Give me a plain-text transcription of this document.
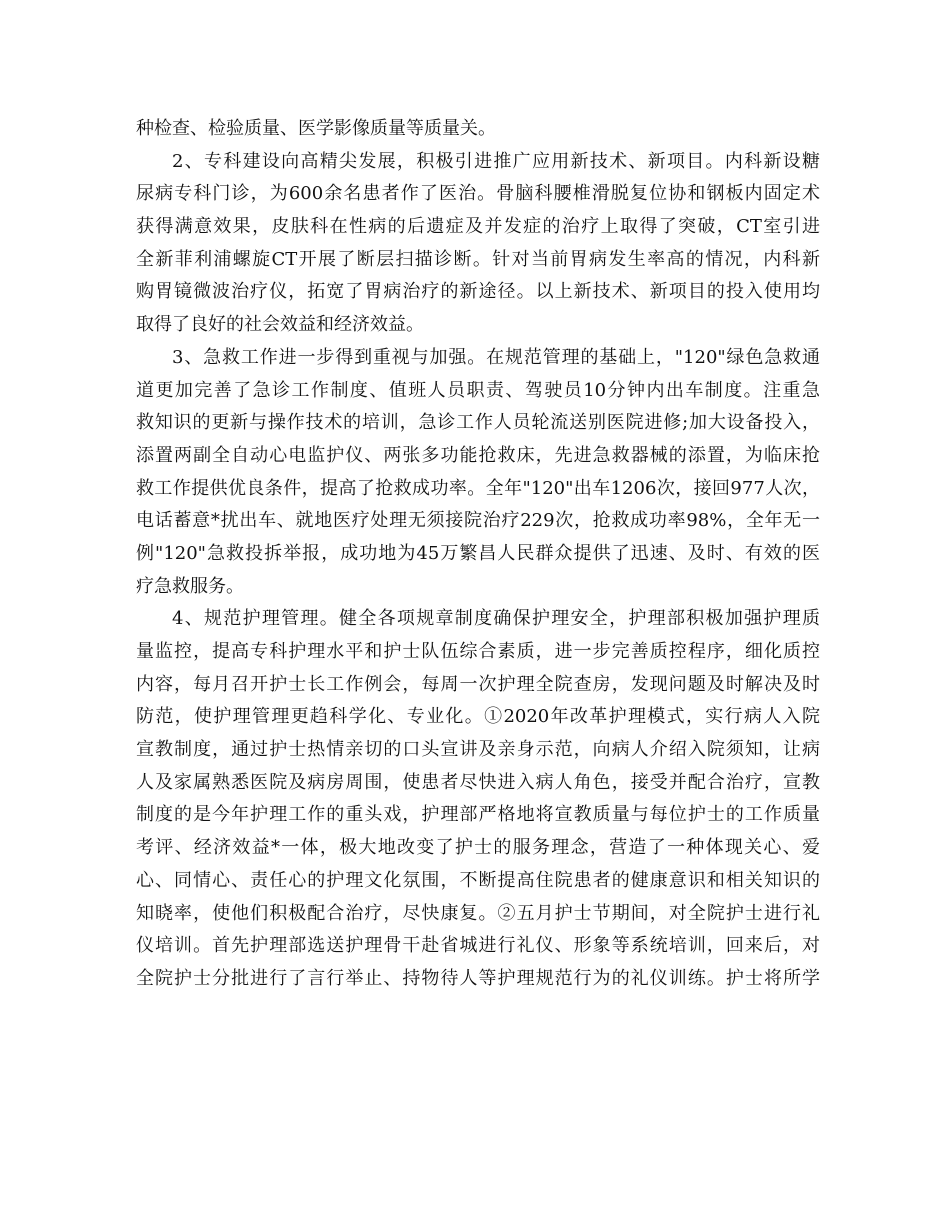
种检查、检验质量、医学影像质量等质量关。
2、专科建设向高精尖发展，积极引进推广应用新技术、新项目。内科新设糖
尿病专科门诊，为600余名患者作了医治。骨脑科腰椎滑脱复位协和钢板内固定术
获得满意效果，皮肤科在性病的后遗症及并发症的治疗上取得了突破，CT室引进
全新菲利浦螺旋CT开展了断层扫描诊断。针对当前胃病发生率高的情况，内科新
购胃镜微波治疗仪，拓宽了胃病治疗的新途径。以上新技术、新项目的投入使用均
取得了良好的社会效益和经济效益。
3、急救工作进一步得到重视与加强。在规范管理的基础上，"120"绿色急救通
道更加完善了急诊工作制度、值班人员职责、驾驶员10分钟内出车制度。注重急
救知识的更新与操作技术的培训，急诊工作人员轮流送别医院进修;加大设备投入，
添置两副全自动心电监护仪、两张多功能抢救床，先进急救器械的添置，为临床抢
救工作提供优良条件，提高了抢救成功率。全年"120"出车1206次，接回977人次，
电话蓄意*扰出车、就地医疗处理无须接院治疗229次，抢救成功率98%，全年无一
例"120"急救投拆举报，成功地为45万繁昌人民群众提供了迅速、及时、有效的医
疗急救服务。
4、规范护理管理。健全各项规章制度确保护理安全，护理部积极加强护理质
量监控，提高专科护理水平和护士队伍综合素质，进一步完善质控程序，细化质控
内容，每月召开护士长工作例会，每周一次护理全院查房，发现问题及时解决及时
防范，使护理管理更趋科学化、专业化。①2020年改革护理模式，实行病人入院
宣教制度，通过护士热情亲切的口头宣讲及亲身示范，向病人介绍入院须知，让病
人及家属熟悉医院及病房周围，使患者尽快进入病人角色，接受并配合治疗，宣教
制度的是今年护理工作的重头戏，护理部严格地将宣教质量与每位护士的工作质量
考评、经济效益*一体，极大地改变了护士的服务理念，营造了一种体现关心、爱
心、同情心、责任心的护理文化氛围，不断提高住院患者的健康意识和相关知识的
知晓率，使他们积极配合治疗，尽快康复。②五月护士节期间，对全院护士进行礼
仪培训。首先护理部选送护理骨干赴省城进行礼仪、形象等系统培训，回来后，对
全院护士分批进行了言行举止、持物待人等护理规范行为的礼仪训练。护士将所学
